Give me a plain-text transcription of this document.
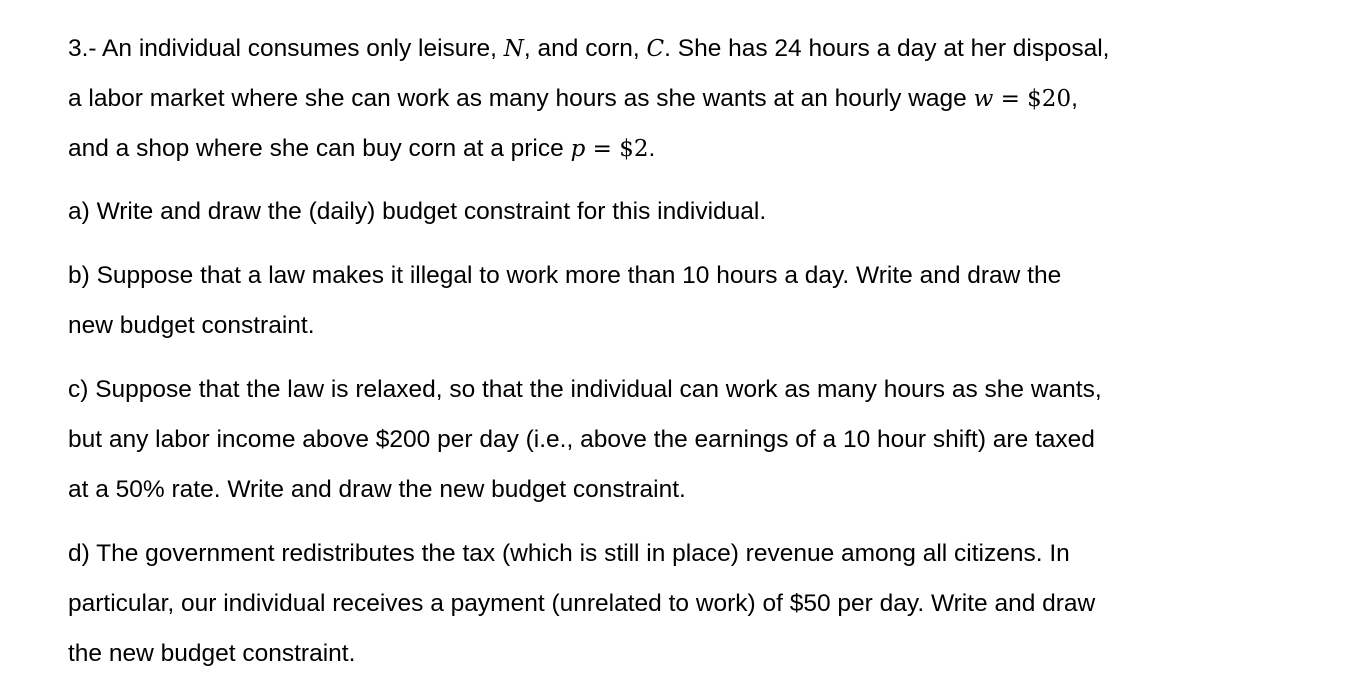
3.- An individual consumes only leisure, N, and corn, C. She has 24 hours a day at her disposal,
a labor market where she can work as many hours as she wants at an hourly wage w = $20,
and a shop where she can buy corn at a price p = $2.

a) Write and draw the (daily) budget constraint for this individual.

b) Suppose that a law makes it illegal to work more than 10 hours a day. Write and draw the
new budget constraint.

c) Suppose that the law is relaxed, so that the individual can work as many hours as she wants,
but any labor income above $200 per day (i.e., above the earnings of a 10 hour shift) are taxed
at a 50% rate. Write and draw the new budget constraint.

d) The government redistributes the tax (which is still in place) revenue among all citizens. In
particular, our individual receives a payment (unrelated to work) of $50 per day. Write and draw
the new budget constraint.
